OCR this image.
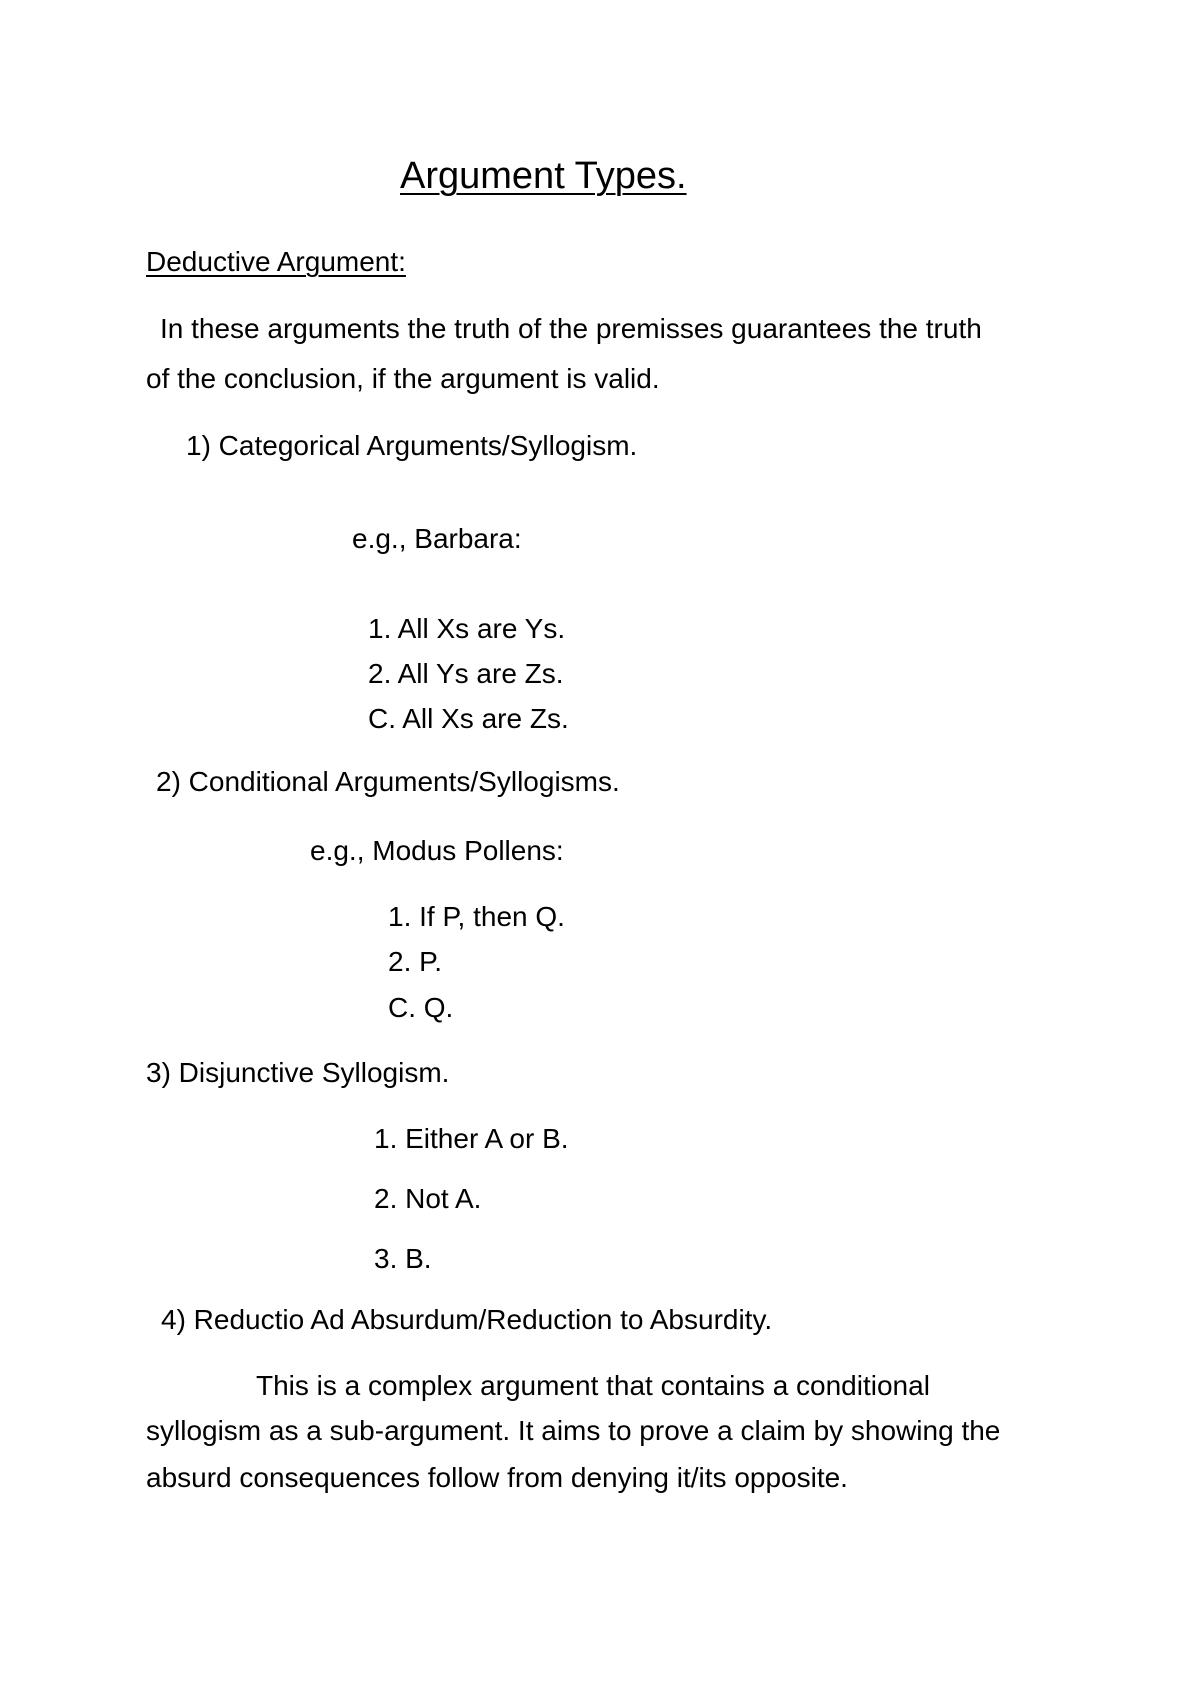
Argument Types.
Deductive Argument:

In these arguments the truth of the premisses guarantees the truth

of the conclusion, if the argument is valid.

1) Categorical Arguments/Syllogism.

e.g., Barbara:

1. All Xs are Ys.

2. All Ys are Zs.

C. All Xs are Zs.

2) Conditional Arguments/Syllogisms.

e.g., Modus Pollens:

1. If P, then Q.

2. P.

C. Q.

3) Disjunctive Syllogism.

1. Either A or B.

2. Not A.

3. B.

4) Reductio Ad Absurdum/Reduction to Absurdity.

This is a complex argument that contains a conditional

syllogism as a sub-argument. It aims to prove a claim by showing the

absurd consequences follow from denying it/its opposite.
